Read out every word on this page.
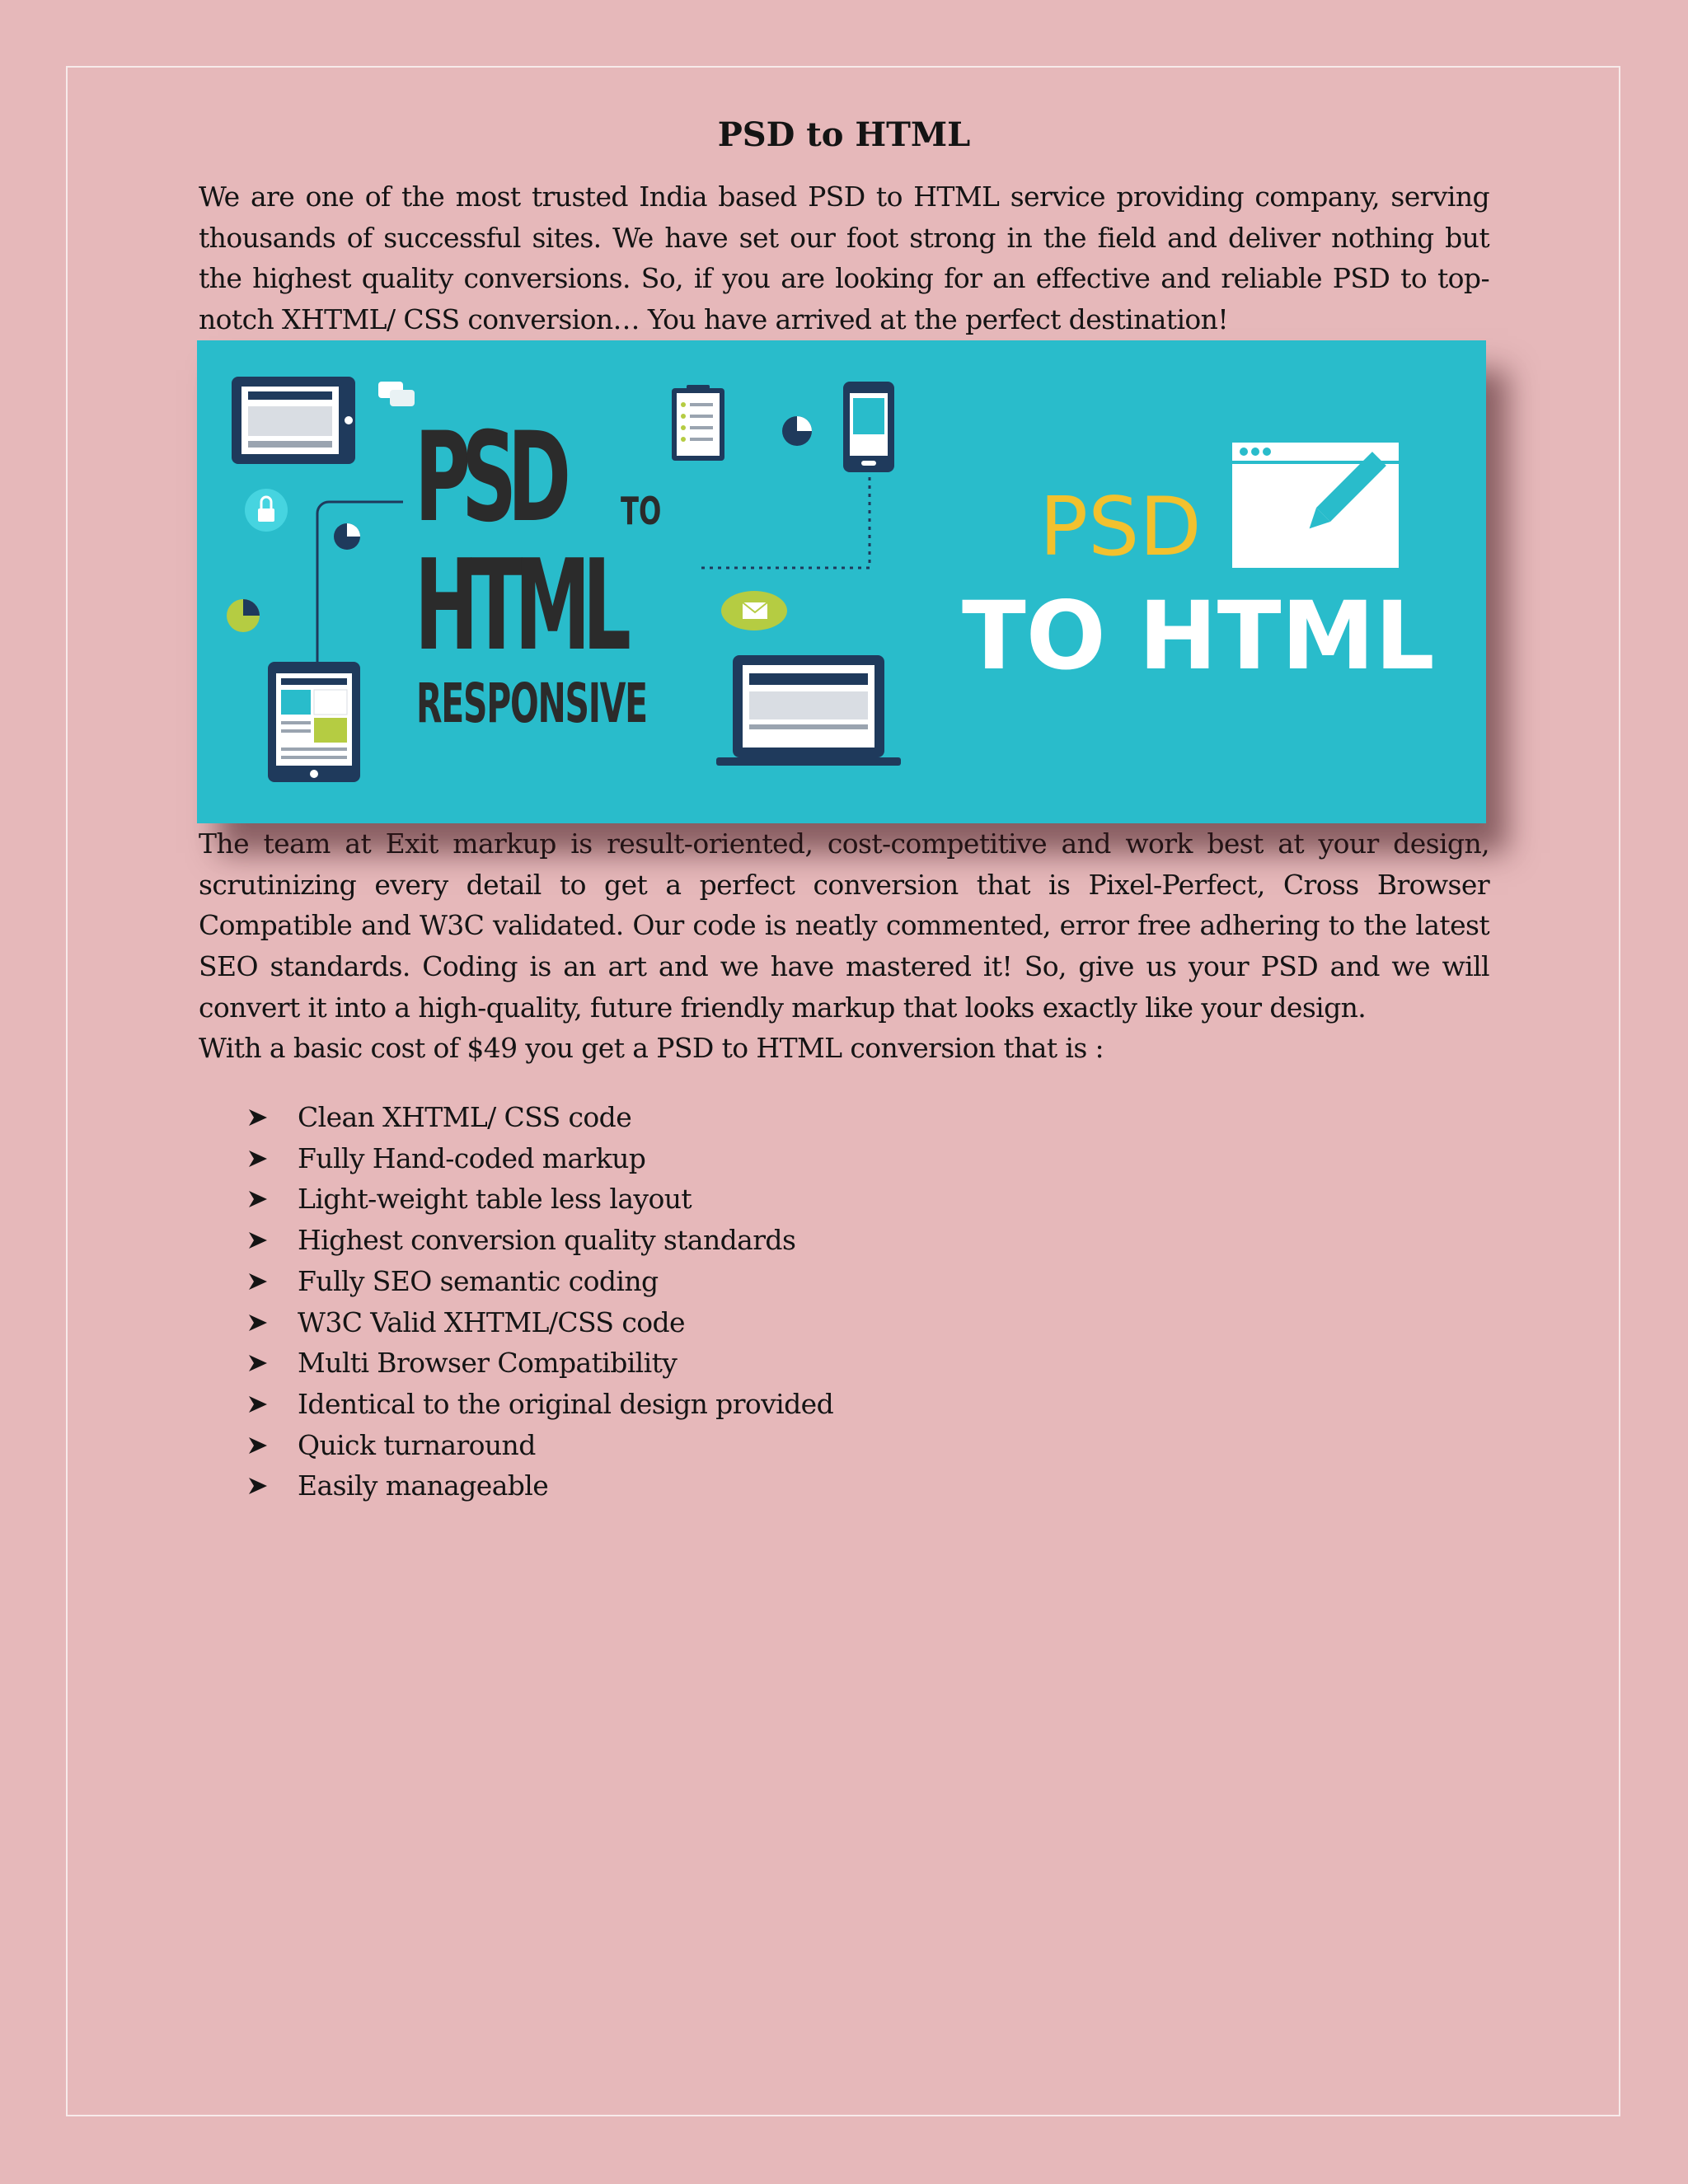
PSD to HTML

We are one of the most trusted India based PSD to HTML service providing company, serving thousands of successful sites. We have set our foot strong in the field and deliver nothing but the highest quality conversions. So, if you are looking for an effective and reliable PSD to top-notch XHTML/ CSS conversion… You have arrived at the perfect destination!

PSD TO
HTML
RESPONSIVE
PSD
TO HTML

The team at Exit markup is result-oriented, cost-competitive and work best at your design, scrutinizing every detail to get a perfect conversion that is Pixel-Perfect, Cross Browser Compatible and W3C validated. Our code is neatly commented, error free adhering to the latest SEO standards. Coding is an art and we have mastered it! So, give us your PSD and we will convert it into a high-quality, future friendly markup that looks exactly like your design.

With a basic cost of $49 you get a PSD to HTML conversion that is :

Clean XHTML/ CSS code
Fully Hand-coded markup
Light-weight table less layout
Highest conversion quality standards
Fully SEO semantic coding
W3C Valid XHTML/CSS code
Multi Browser Compatibility
Identical to the original design provided
Quick turnaround
Easily manageable
